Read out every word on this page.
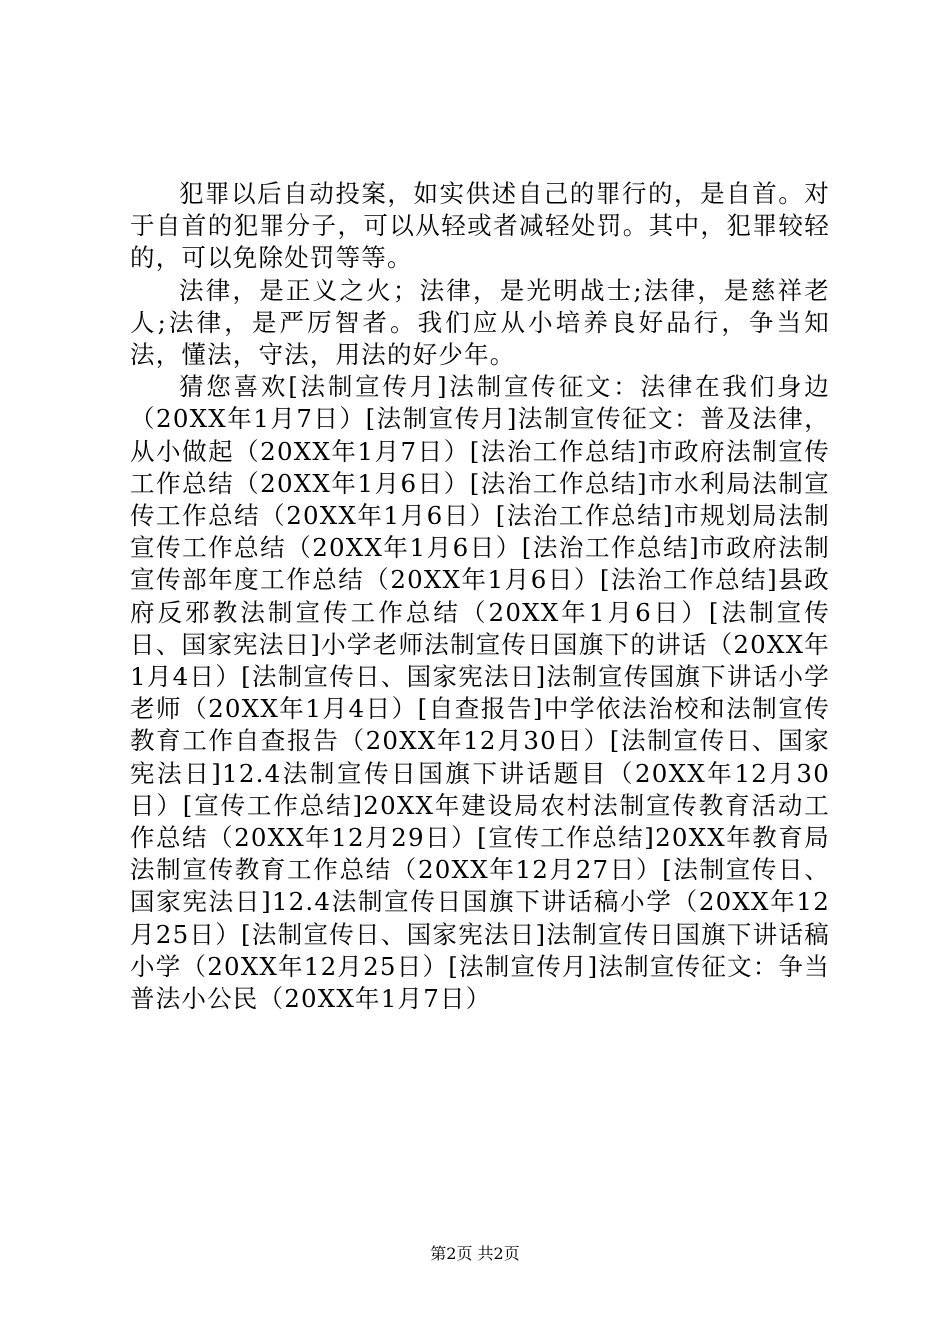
犯罪以后自动投案，如实供述自己的罪行的，是自首。对于自首的犯罪分子，可以从轻或者减轻处罚。其中，犯罪较轻的，可以免除处罚等等。

法律，是正义之火；法律，是光明战士;法律，是慈祥老人;法律，是严厉智者。我们应从小培养良好品行，争当知法，懂法，守法，用法的好少年。

猜您喜欢[法制宣传月]法制宣传征文：法律在我们身边（20XX年1月7日）[法制宣传月]法制宣传征文：普及法律，从小做起（20XX年1月7日）[法治工作总结]市政府法制宣传工作总结（20XX年1月6日）[法治工作总结]市水利局法制宣传工作总结（20XX年1月6日）[法治工作总结]市规划局法制宣传工作总结（20XX年1月6日）[法治工作总结]市政府法制宣传部年度工作总结（20XX年1月6日）[法治工作总结]县政府反邪教法制宣传工作总结（20XX年1月6日）[法制宣传日、国家宪法日]小学老师法制宣传日国旗下的讲话（20XX年1月4日）[法制宣传日、国家宪法日]法制宣传国旗下讲话小学老师（20XX年1月4日）[自查报告]中学依法治校和法制宣传教育工作自查报告（20XX年12月30日）[法制宣传日、国家宪法日]12.4法制宣传日国旗下讲话题目（20XX年12月30日）[宣传工作总结]20XX年建设局农村法制宣传教育活动工作总结（20XX年12月29日）[宣传工作总结]20XX年教育局法制宣传教育工作总结（20XX年12月27日）[法制宣传日、国家宪法日]12.4法制宣传日国旗下讲话稿小学（20XX年12月25日）[法制宣传日、国家宪法日]法制宣传日国旗下讲话稿小学（20XX年12月25日）[法制宣传月]法制宣传征文：争当普法小公民（20XX年1月7日）

第2页 共2页
